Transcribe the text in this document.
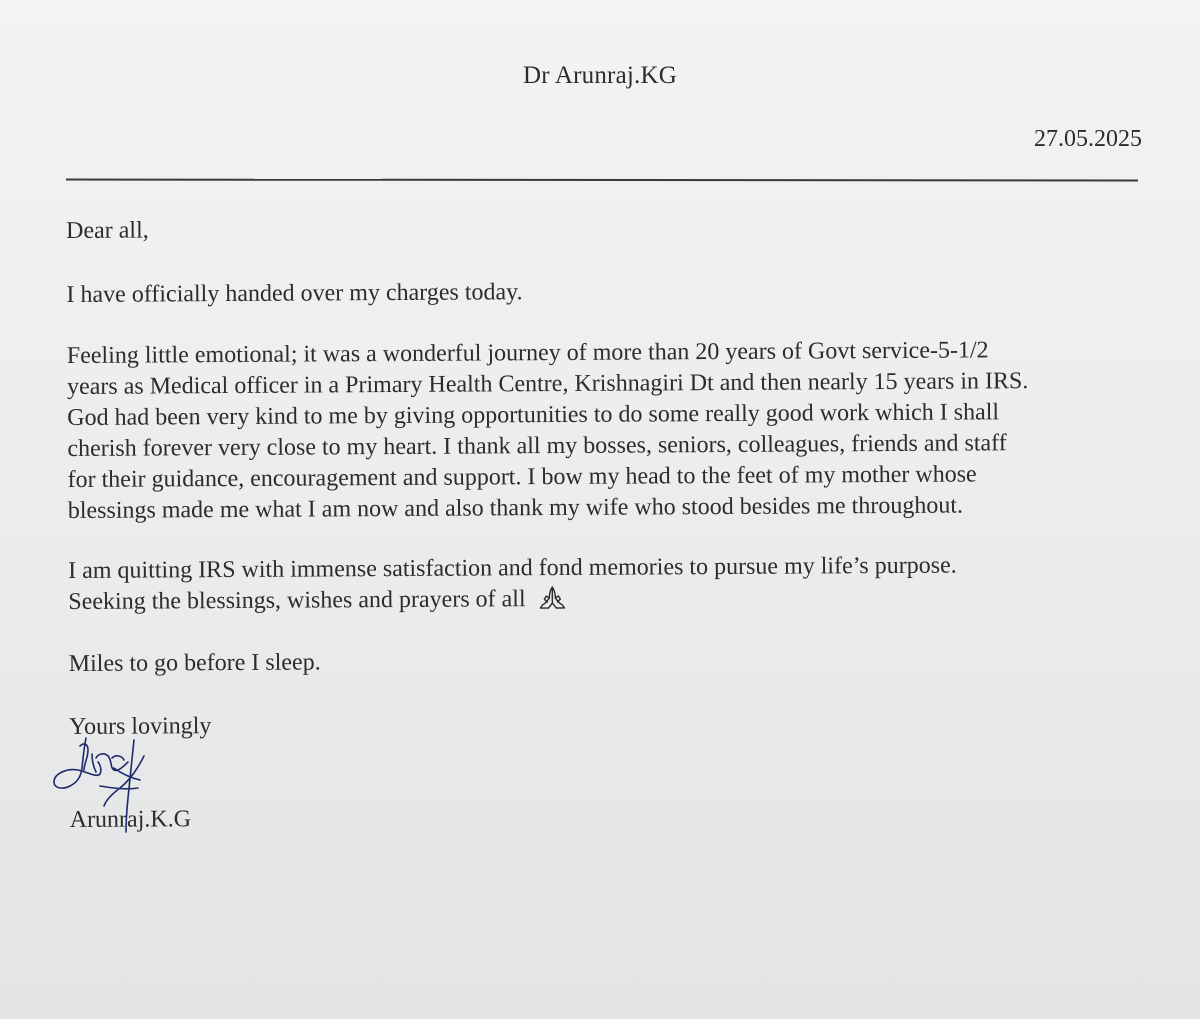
Dr Arunraj.KG
27.05.2025

Dear all,

I have officially handed over my charges today.

Feeling little emotional; it was a wonderful journey of more than 20 years of Govt service-5-1/2

years as Medical officer in a Primary Health Centre, Krishnagiri Dt and then nearly 15 years in IRS.

God had been very kind to me by giving opportunities to do some really good work which I shall

cherish forever very close to my heart. I thank all my bosses, seniors, colleagues, friends and staff

for their guidance, encouragement and support. I bow my head to the feet of my mother whose

blessings made me what I am now and also thank my wife who stood besides me throughout.

I am quitting IRS with immense satisfaction and fond memories to pursue my life’s purpose.

Seeking the blessings, wishes and prayers of all

Miles to go before I sleep.

Yours lovingly

Arunraj.K.G
